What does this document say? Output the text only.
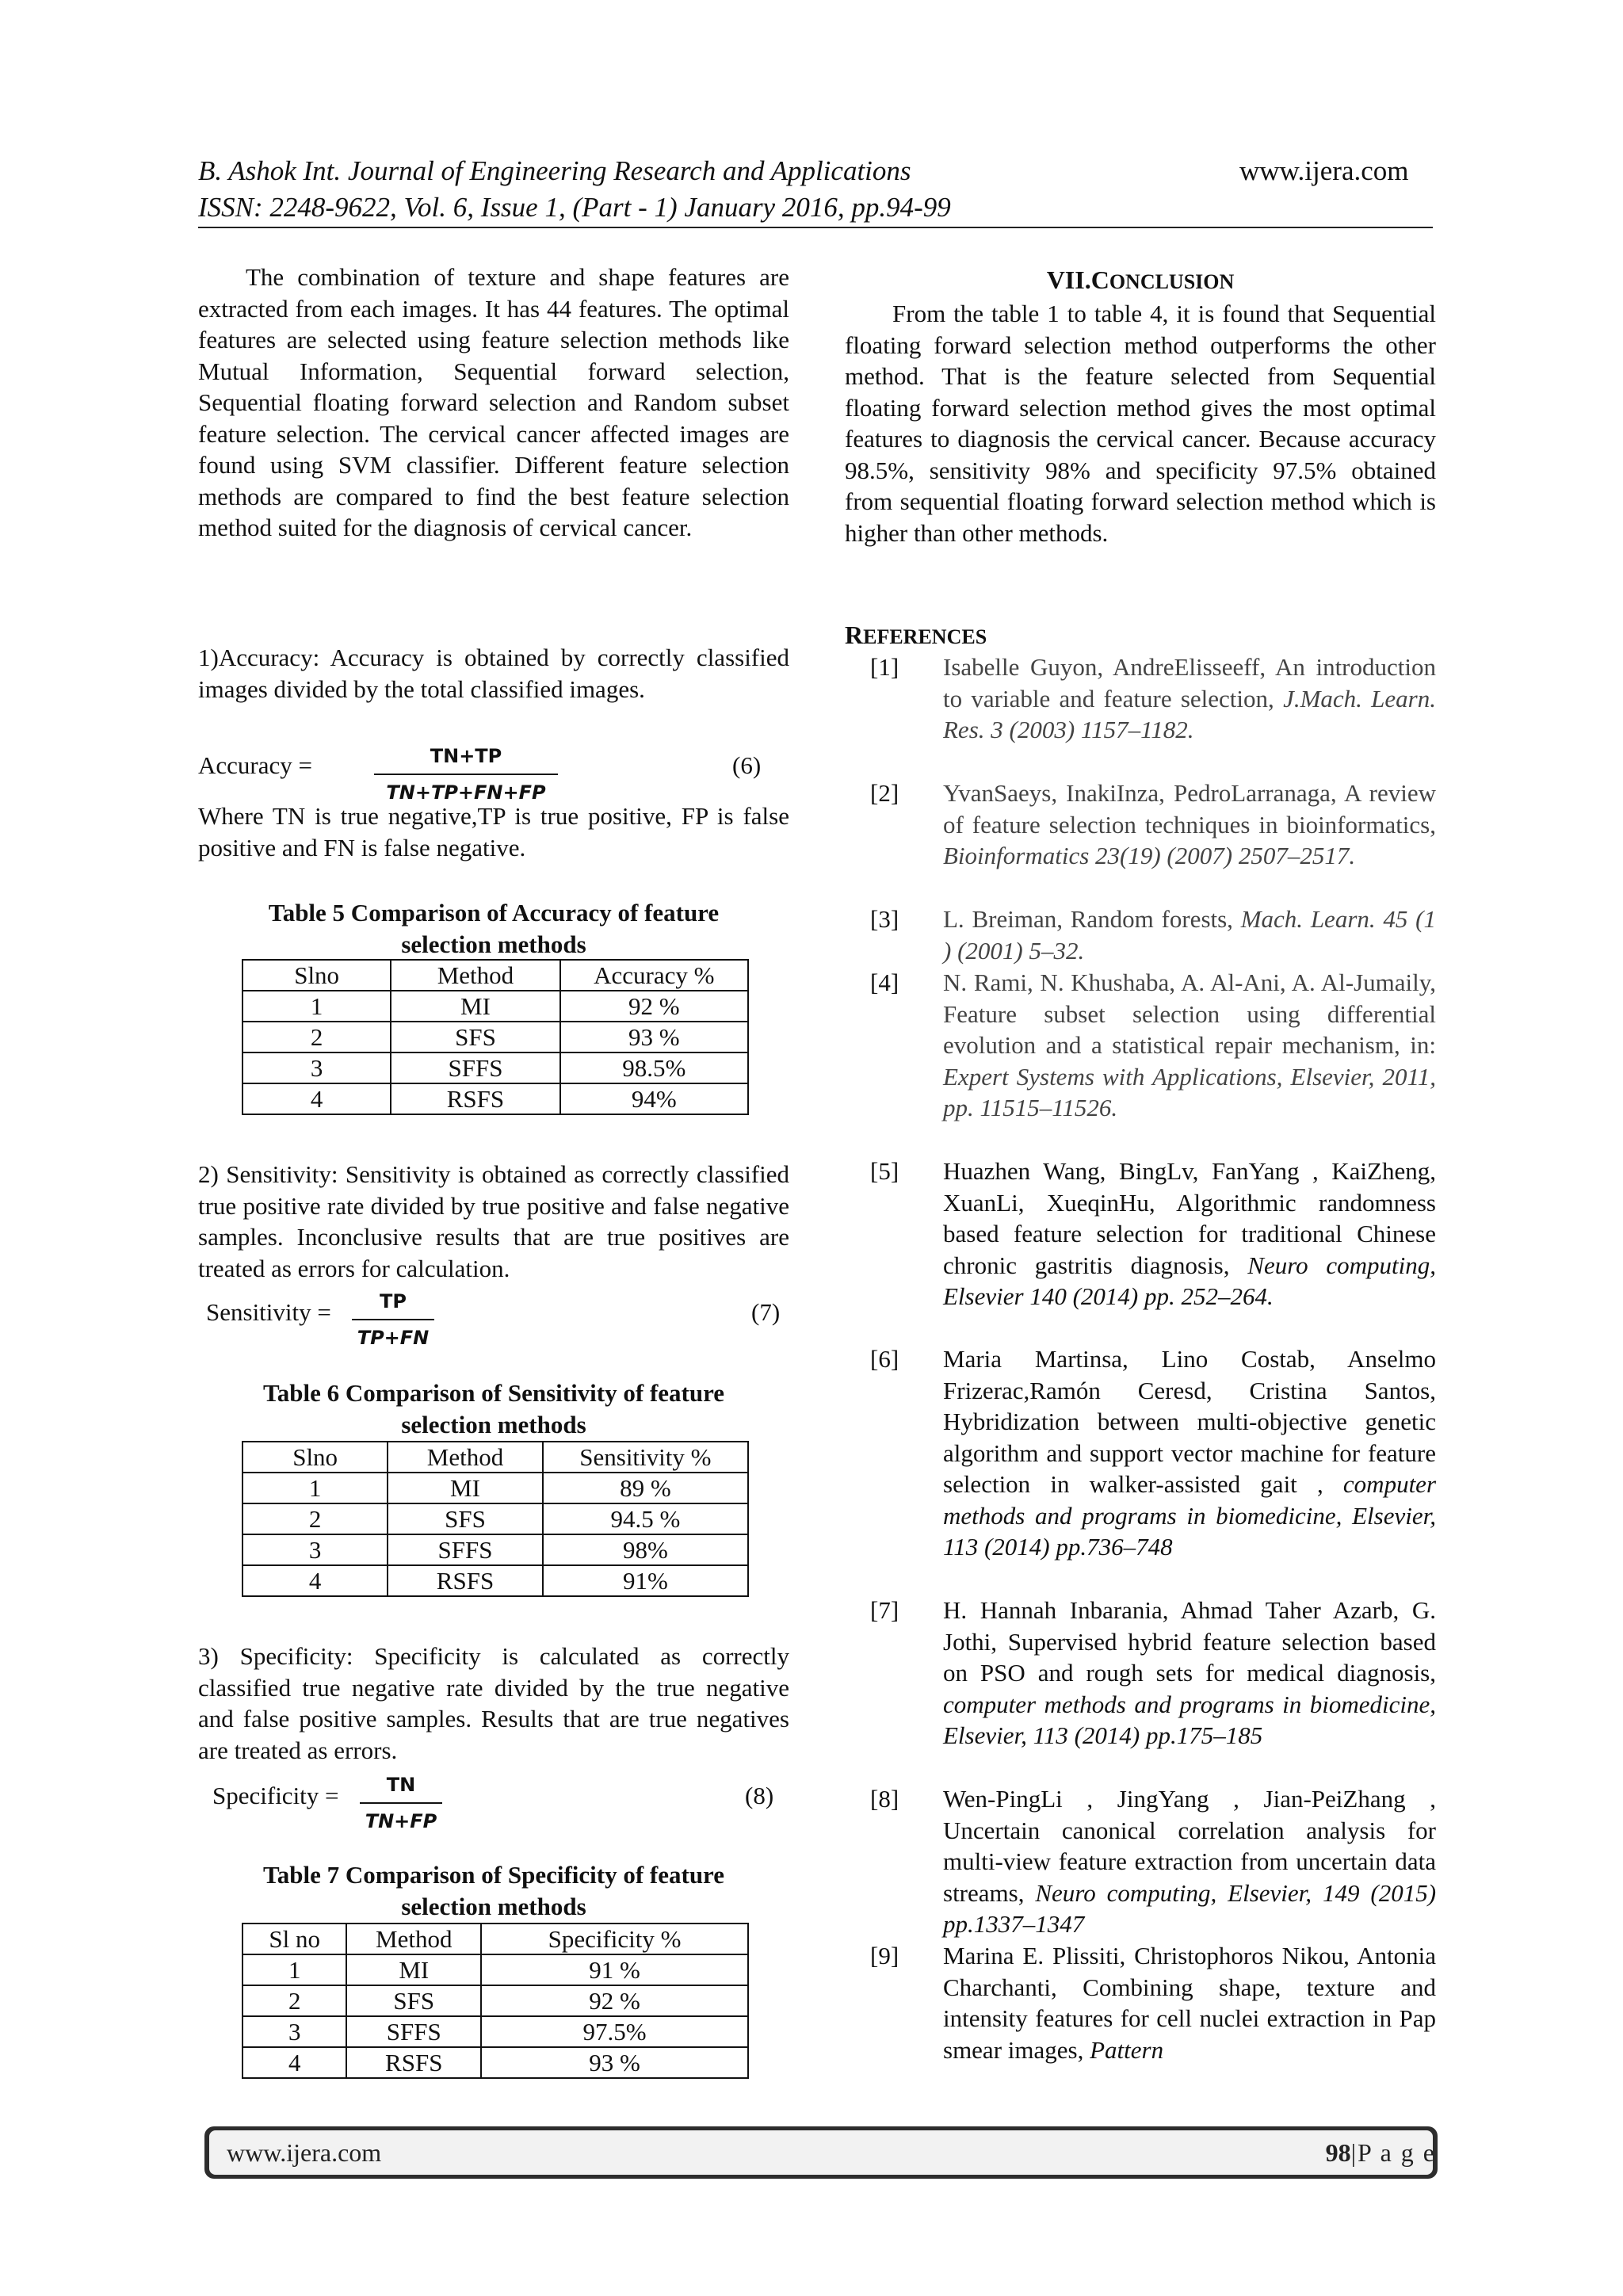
B. Ashok Int. Journal of Engineering Research and Applications
ISSN: 2248-9622, Vol. 6, Issue 1, (Part - 1) January 2016, pp.94-99
www.ijera.com

The combination of texture and shape features are extracted from each images. It has 44 features. The optimal features are selected using feature selection methods like Mutual Information, Sequential forward selection, Sequential floating forward selection and Random subset feature selection. The cervical cancer affected images are found using SVM classifier. Different feature selection methods are compared to find the best feature selection method suited for the diagnosis of cervical cancer.

1)Accuracy: Accuracy is obtained by correctly classified images divided by the total classified images.

Accuracy =	TN+TP
TN+TP+FN+FP
(6)

Where TN is true negative,TP is true positive, FP is false positive and FN is false negative.

Table 5 Comparison of Accuracy of feature
selection methods
Slno	Method	Accuracy %
1	MI	92 %
2	SFS	93 %
3	SFFS	98.5%
4	RSFS	94%

2) Sensitivity: Sensitivity is obtained as correctly classified true positive rate divided by true positive and false negative samples. Inconclusive results that are true positives are treated as errors for calculation.

Sensitivity =	TP
TP+FN
(7)
Table 6 Comparison of Sensitivity of feature
selection methods
Slno	Method	Sensitivity %
1	MI	89 %
2	SFS	94.5 %
3	SFFS	98%
4	RSFS	91%

3) Specificity: Specificity is calculated as correctly classified true negative rate divided by the true negative and false positive samples. Results that are true negatives are treated as errors.

Specificity =	TN
TN+FP
(8)
Table 7 Comparison of Specificity of feature
selection methods
Sl no	Method	Specificity %
1	MI	91 %
2	SFS	92 %
3	SFFS	97.5%
4	RSFS	93 %
VII.CONCLUSION

From the table 1 to table 4, it is found that Sequential floating forward selection method outperforms the other method. That is the feature selected from Sequential floating forward selection method gives the most optimal features to diagnosis the cervical cancer. Because accuracy 98.5%, sensitivity 98% and specificity 97.5% obtained from sequential floating forward selection method which is higher than other methods.

REFERENCES
[1] Isabelle Guyon, AndreElisseeff, An introduction to variable and feature selection, J.Mach. Learn. Res. 3 (2003) 1157–1182.
[2] YvanSaeys, InakiInza, PedroLarranaga, A review of feature selection techniques in bioinformatics, Bioinformatics 23(19) (2007) 2507–2517.
[3] L. Breiman, Random forests, Mach. Learn. 45 (1 ) (2001) 5–32.
[4] N. Rami, N. Khushaba, A. Al-Ani, A. Al-Jumaily, Feature subset selection using differential evolution and a statistical repair mechanism, in: Expert Systems with Applications, Elsevier, 2011, pp. 11515–11526.
[5] Huazhen Wang, BingLv, FanYang , KaiZheng, XuanLi, XueqinHu, Algorithmic randomness based feature selection for traditional Chinese chronic gastritis diagnosis, Neuro computing, Elsevier 140 (2014) pp. 252–264.
[6] Maria Martinsa, Lino Costab, Anselmo Frizerac,Ramón Ceresd, Cristina Santos, Hybridization between multi-objective genetic algorithm and support vector machine for feature selection in walker-assisted gait , computer methods and programs in biomedicine, Elsevier, 113 (2014) pp.736–748
[7] H. Hannah Inbarania, Ahmad Taher Azarb, G. Jothi, Supervised hybrid feature selection based on PSO and rough sets for medical diagnosis, computer methods and programs in biomedicine, Elsevier, 113 (2014) pp.175–185
[8] Wen-PingLi , JingYang , Jian-PeiZhang , Uncertain canonical correlation analysis for multi-view feature extraction from uncertain data streams, Neuro computing, Elsevier, 149 (2015) pp.1337–1347
[9] Marina E. Plissiti, Christophoros Nikou, Antonia Charchanti, Combining shape, texture and intensity features for cell nuclei extraction in Pap smear images, Pattern
www.ijera.com	98|P a g e
